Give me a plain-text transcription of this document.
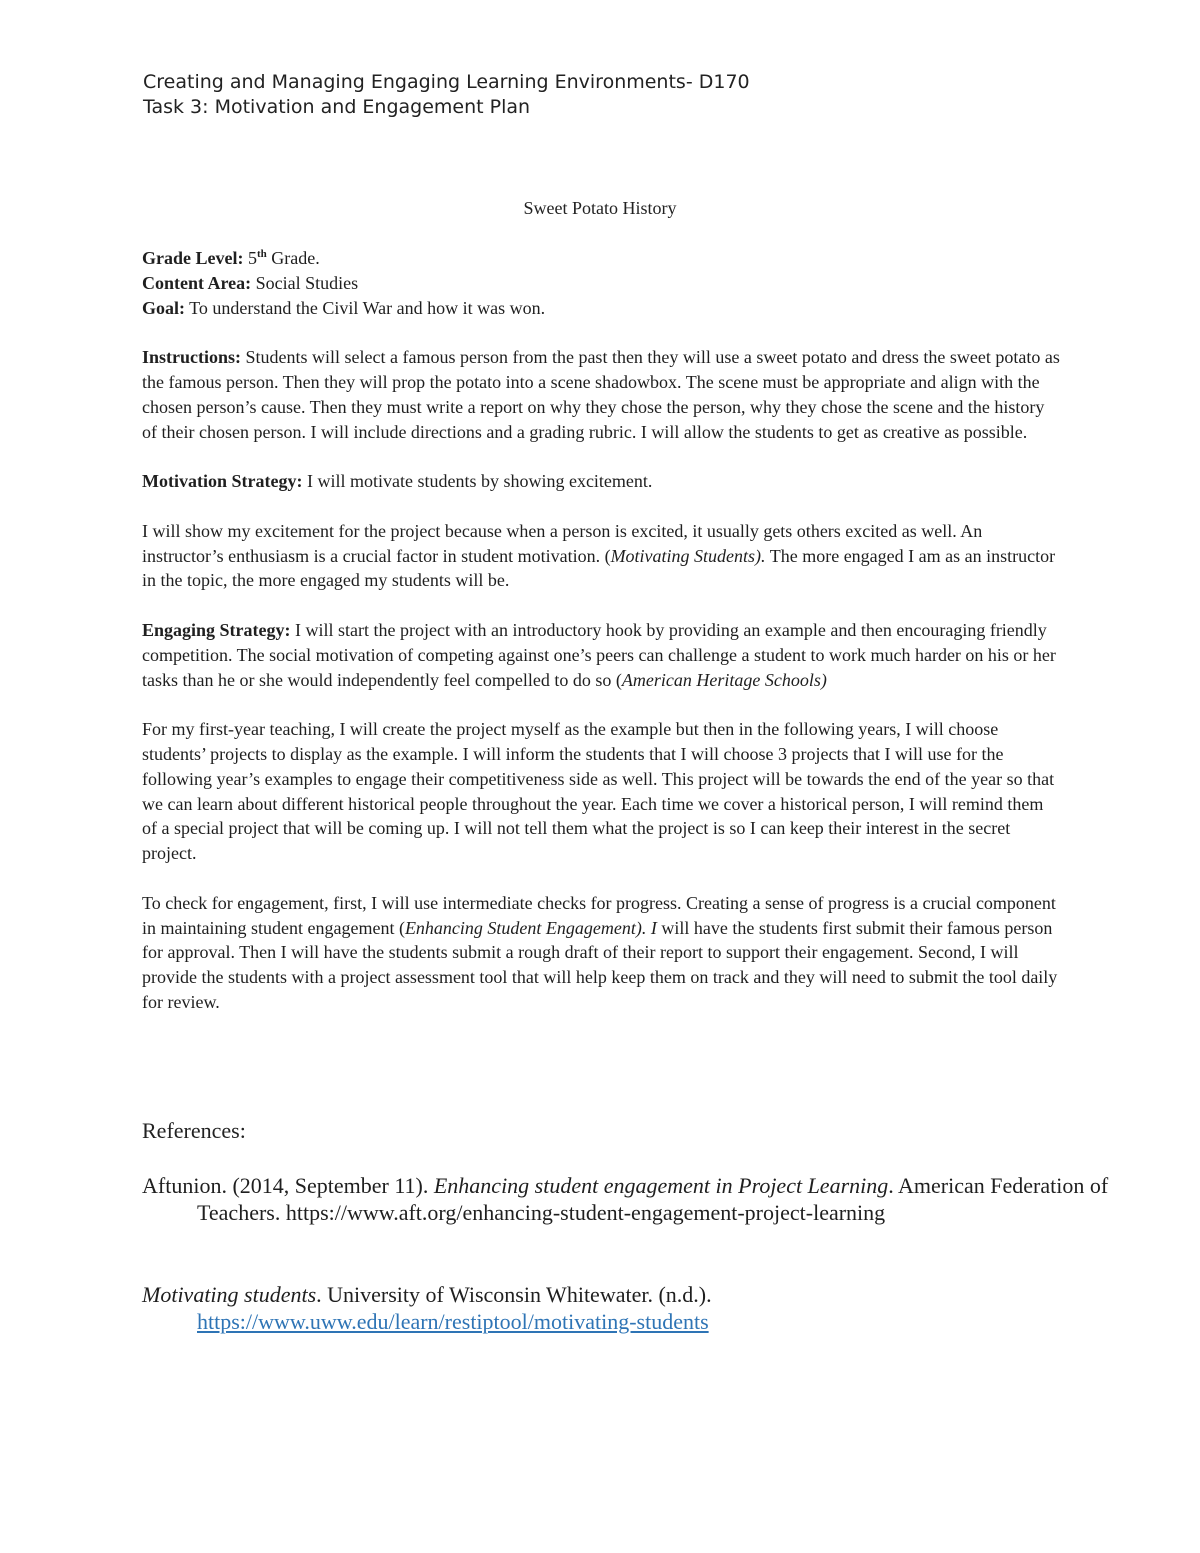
Creating and Managing Engaging Learning Environments- D170
Task 3: Motivation and Engagement Plan
Sweet Potato History

Grade Level: 5th Grade.

Content Area: Social Studies

Goal: To understand the Civil War and how it was won.

Instructions: Students will select a famous person from the past then they will use a sweet potato and dress the sweet potato as the famous person. Then they will prop the potato into a scene shadowbox. The scene must be appropriate and align with the chosen person’s cause. Then they must write a report on why they chose the person, why they chose the scene and the history of their chosen person. I will include directions and a grading rubric. I will allow the students to get as creative as possible.

Motivation Strategy: I will motivate students by showing excitement.

I will show my excitement for the project because when a person is excited, it usually gets others excited as well. An instructor’s enthusiasm is a crucial factor in student motivation. (Motivating Students). The more engaged I am as an instructor in the topic, the more engaged my students will be.

Engaging Strategy: I will start the project with an introductory hook by providing an example and then encouraging friendly competition. The social motivation of competing against one’s peers can challenge a student to work much harder on his or her tasks than he or she would independently feel compelled to do so (American Heritage Schools)

For my first-year teaching, I will create the project myself as the example but then in the following years, I will choose students’ projects to display as the example. I will inform the students that I will choose 3 projects that I will use for the following year’s examples to engage their competitiveness side as well. This project will be towards the end of the year so that we can learn about different historical people throughout the year. Each time we cover a historical person, I will remind them of a special project that will be coming up. I will not tell them what the project is so I can keep their interest in the secret project.

To check for engagement, first, I will use intermediate checks for progress. Creating a sense of progress is a crucial component in maintaining student engagement (Enhancing Student Engagement). I will have the students first submit their famous person for approval. Then I will have the students submit a rough draft of their report to support their engagement. Second, I will provide the students with a project assessment tool that will help keep them on track and they will need to submit the tool daily for review.

References:
Aftunion. (2014, September 11). Enhancing student engagement in Project Learning. American Federation of Teachers. https://www.aft.org/enhancing-student-engagement-project-learning
Motivating students. University of Wisconsin Whitewater. (n.d.). https://www.uww.edu/learn/restiptool/motivating-students
